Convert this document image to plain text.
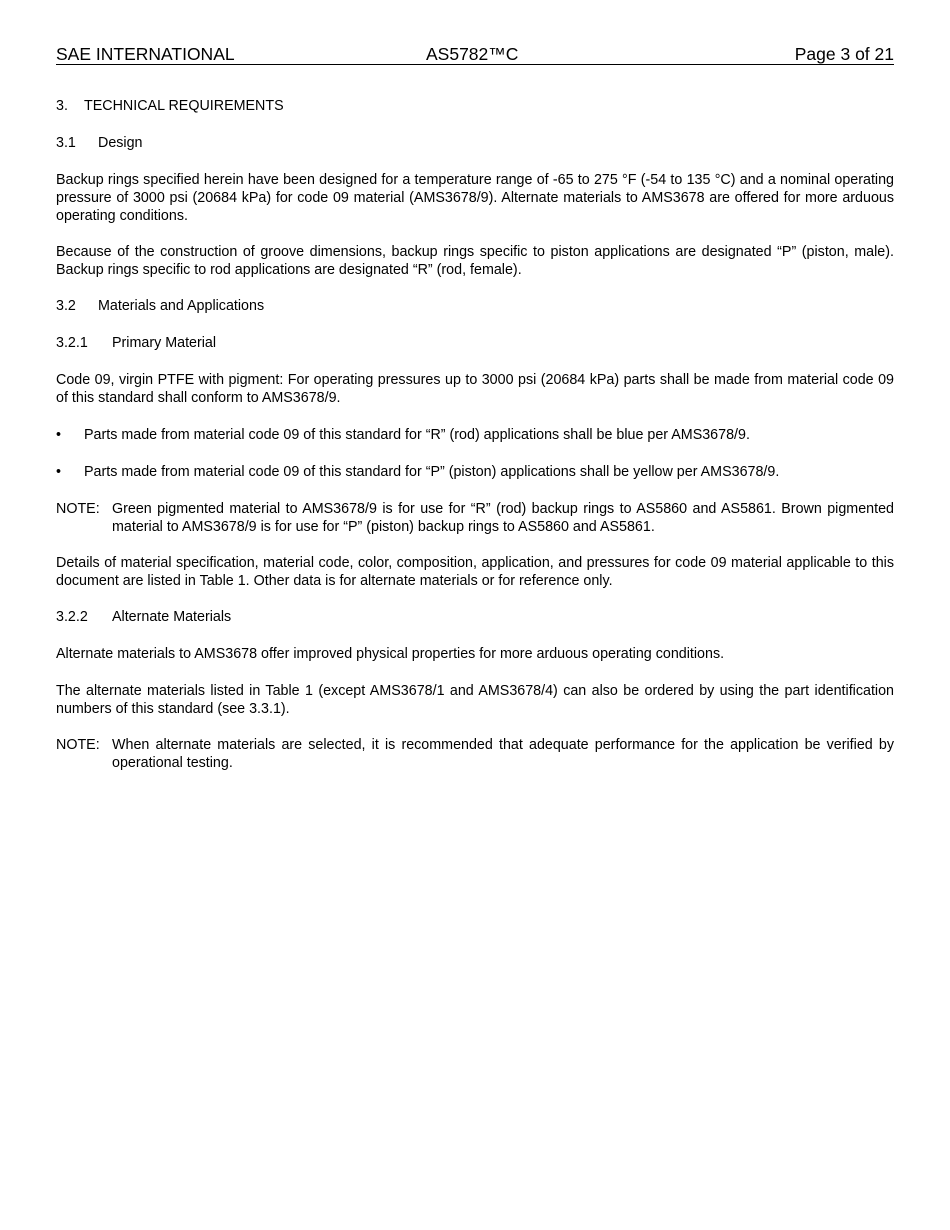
SAE INTERNATIONAL	AS5782™C	Page 3 of 21
3. TECHNICAL REQUIREMENTS
3.1 Design

Backup rings specified herein have been designed for a temperature range of -65 to 275 °F (-54 to 135 °C) and a nominal operating pressure of 3000 psi (20684 kPa) for code 09 material (AMS3678/9). Alternate materials to AMS3678 are offered for more arduous operating conditions.

Because of the construction of groove dimensions, backup rings specific to piston applications are designated “P” (piston, male). Backup rings specific to rod applications are designated “R” (rod, female).

3.2 Materials and Applications
3.2.1 Primary Material

Code 09, virgin PTFE with pigment: For operating pressures up to 3000 psi (20684 kPa) parts shall be made from material code 09 of this standard shall conform to AMS3678/9.

• Parts made from material code 09 of this standard for “R” (rod) applications shall be blue per AMS3678/9.
• Parts made from material code 09 of this standard for “P” (piston) applications shall be yellow per AMS3678/9.
NOTE: Green pigmented material to AMS3678/9 is for use for “R” (rod) backup rings to AS5860 and AS5861. Brown pigmented material to AMS3678/9 is for use for “P” (piston) backup rings to AS5860 and AS5861.

Details of material specification, material code, color, composition, application, and pressures for code 09 material applicable to this document are listed in Table 1. Other data is for alternate materials or for reference only.

3.2.2 Alternate Materials

Alternate materials to AMS3678 offer improved physical properties for more arduous operating conditions.

The alternate materials listed in Table 1 (except AMS3678/1 and AMS3678/4) can also be ordered by using the part identification numbers of this standard (see 3.3.1).

NOTE: When alternate materials are selected, it is recommended that adequate performance for the application be verified by operational testing.
